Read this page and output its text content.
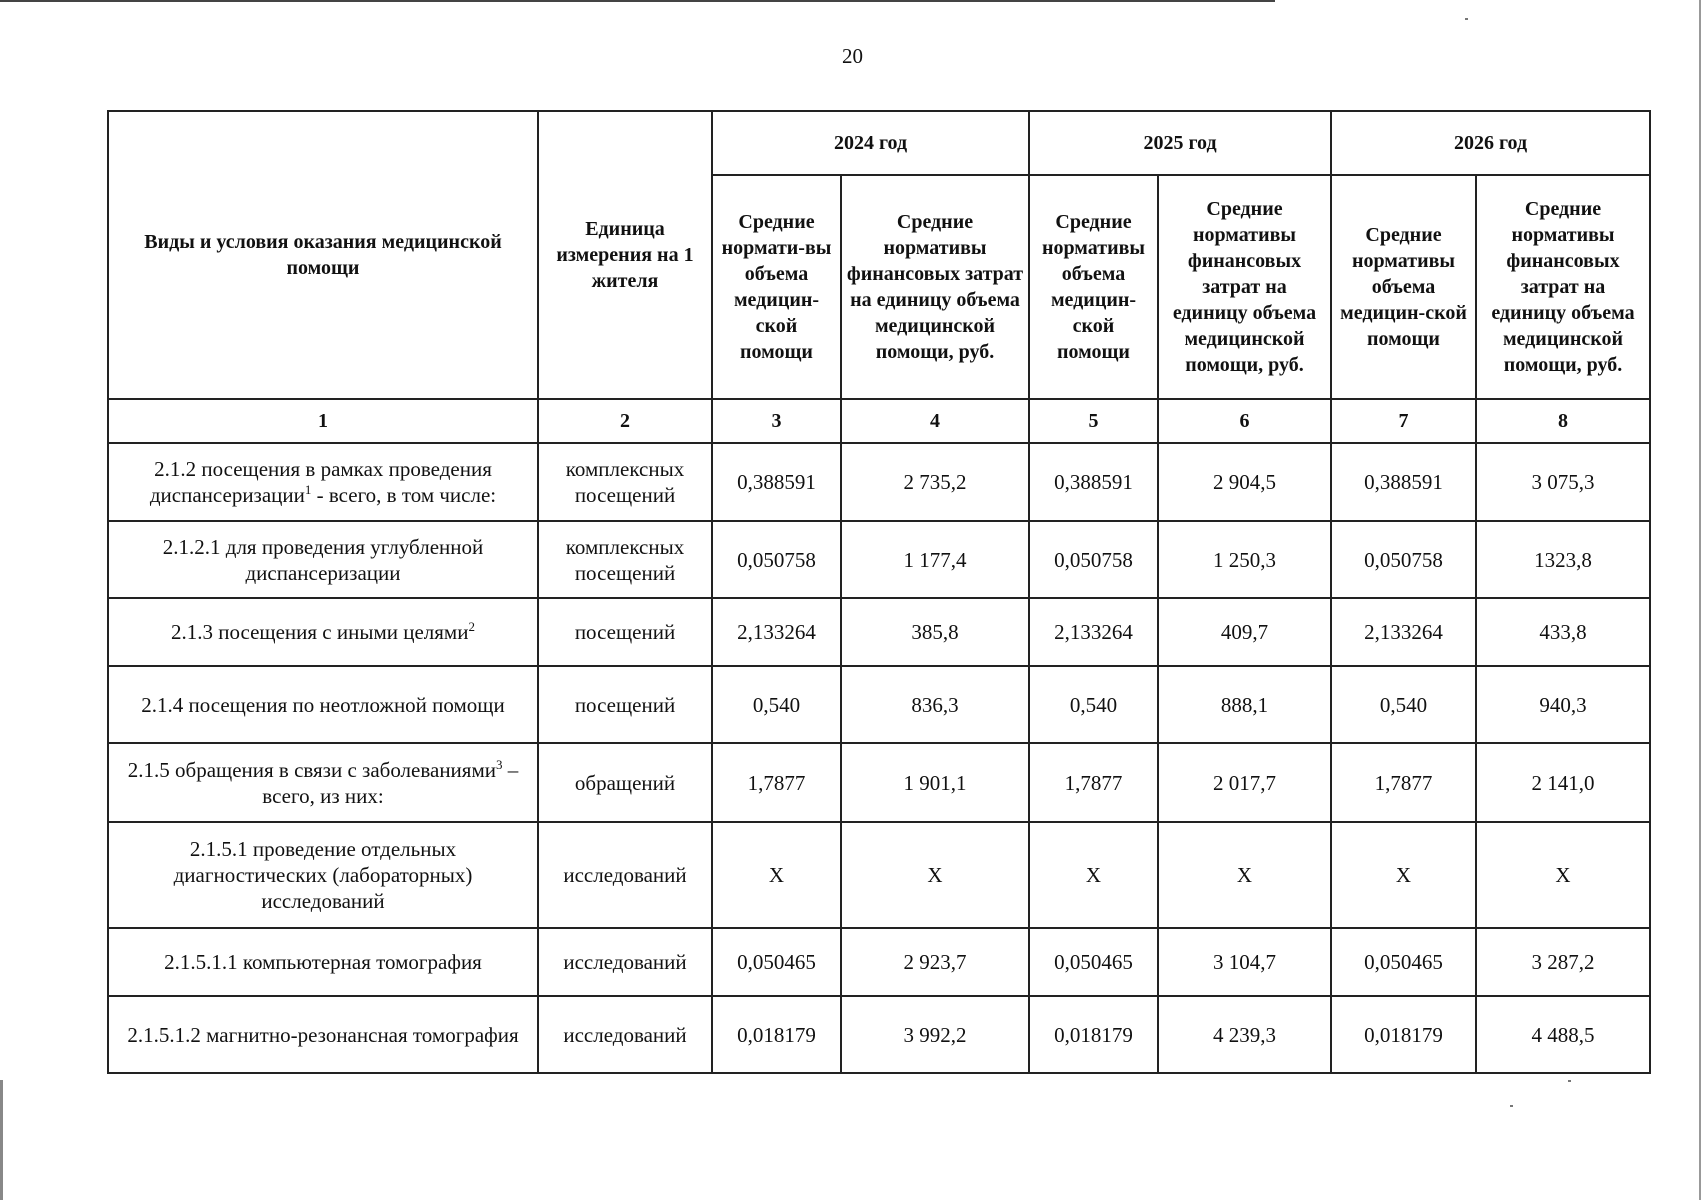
20
Виды и условия оказания медицинской помощи	Единица измерения на 1 жителя	2024 год		2025 год		2026 год	
		Средние нормати-вы объема медицин-ской помощи	Средние нормативы финансовых затрат на единицу объема медицинской помощи, руб.	Средние нормативы объема медицин-ской помощи	Средние нормативы финансовых затрат на единицу объема медицинской помощи, руб.	Средние нормативы объема медицин-ской помощи	Средние нормативы финансовых затрат на единицу объема медицинской помощи, руб.
1	2	3	4	5	6	7	8
2.1.2 посещения в рамках проведения диспансеризации$^1$ - всего, в том числе:	комплексных посещений	0,388591	2 735,2	0,388591	2 904,5	0,388591	3 075,3
2.1.2.1 для проведения углубленной диспансеризации	комплексных посещений	0,050758	1 177,4	0,050758	1 250,3	0,050758	1323,8
2.1.3 посещения с иными целями$^2$	посещений	2,133264	385,8	2,133264	409,7	2,133264	433,8
2.1.4 посещения по неотложной помощи	посещений	0,540	836,3	0,540	888,1	0,540	940,3
2.1.5 обращения в связи с заболеваниями$^3$ – всего, из них:	обращений	1,7877	1 901,1	1,7877	2 017,7	1,7877	2 141,0
2.1.5.1 проведение отдельных диагностических (лабораторных) исследований	исследований	X	X	X	X	X	X
2.1.5.1.1 компьютерная томография	исследований	0,050465	2 923,7	0,050465	3 104,7	0,050465	3 287,2
2.1.5.1.2 магнитно-резонансная томография	исследований	0,018179	3 992,2	0,018179	4 239,3	0,018179	4 488,5
